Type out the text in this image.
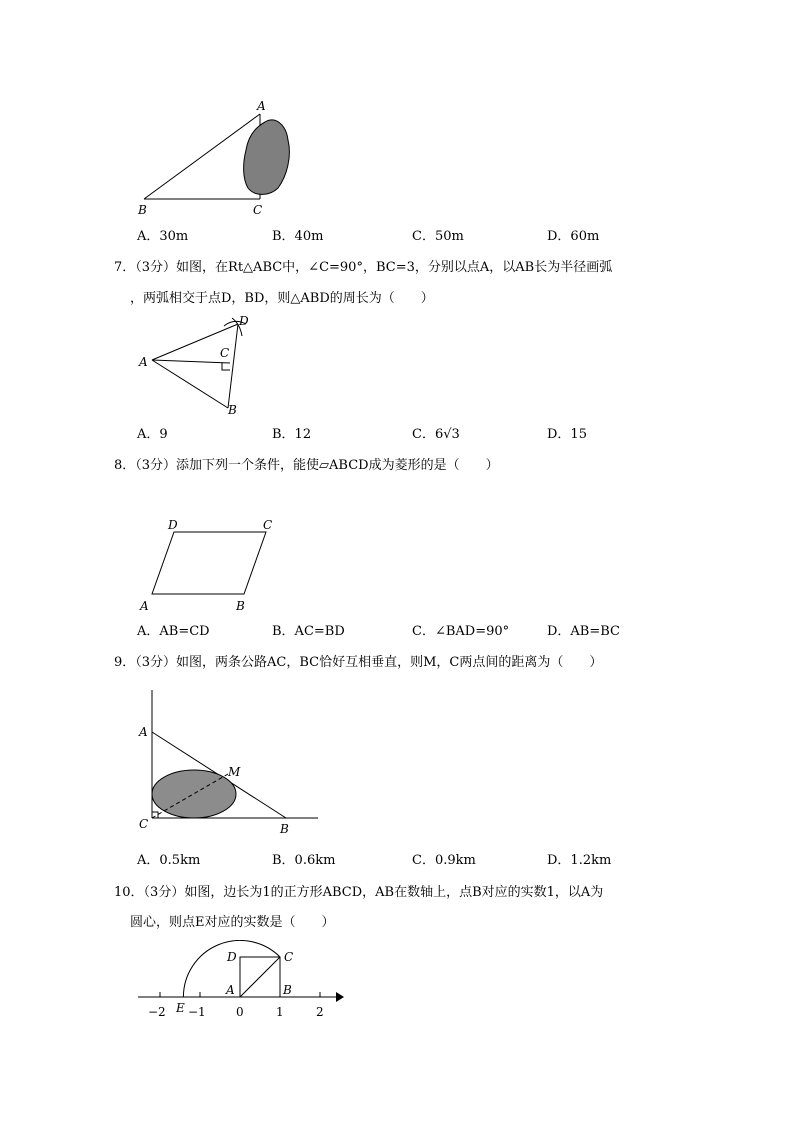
A
B	C
A．30m	B．40m	C．50m	D．60m
7．（3分）如图，在Rt△ABC中，∠C=90°，BC=3，分别以点A，以AB长为半径画弧
，两弧相交于点D，BD，则△ABD的周长为（　　）
A
B
C
D
A．9	B．12	C．6√3	D．15
8．（3分）添加下列一个条件，能使▱ABCD成为菱形的是（　　）
A	B
C
D
A．AB=CD	B．AC=BD	C．∠BAD=90°	D．AB=BC
9．（3分）如图，两条公路AC，BC恰好互相垂直，则M，C两点间的距离为（　　）
A
B
C
M
A．0.5km	B．0.6km	C．0.9km	D．1.2km
10．（3分）如图，边长为1的正方形ABCD，AB在数轴上，点B对应的实数1，以A为
圆心，则点E对应的实数是（　　）
A	B
C
D
E
−2 −1	0	1	2
